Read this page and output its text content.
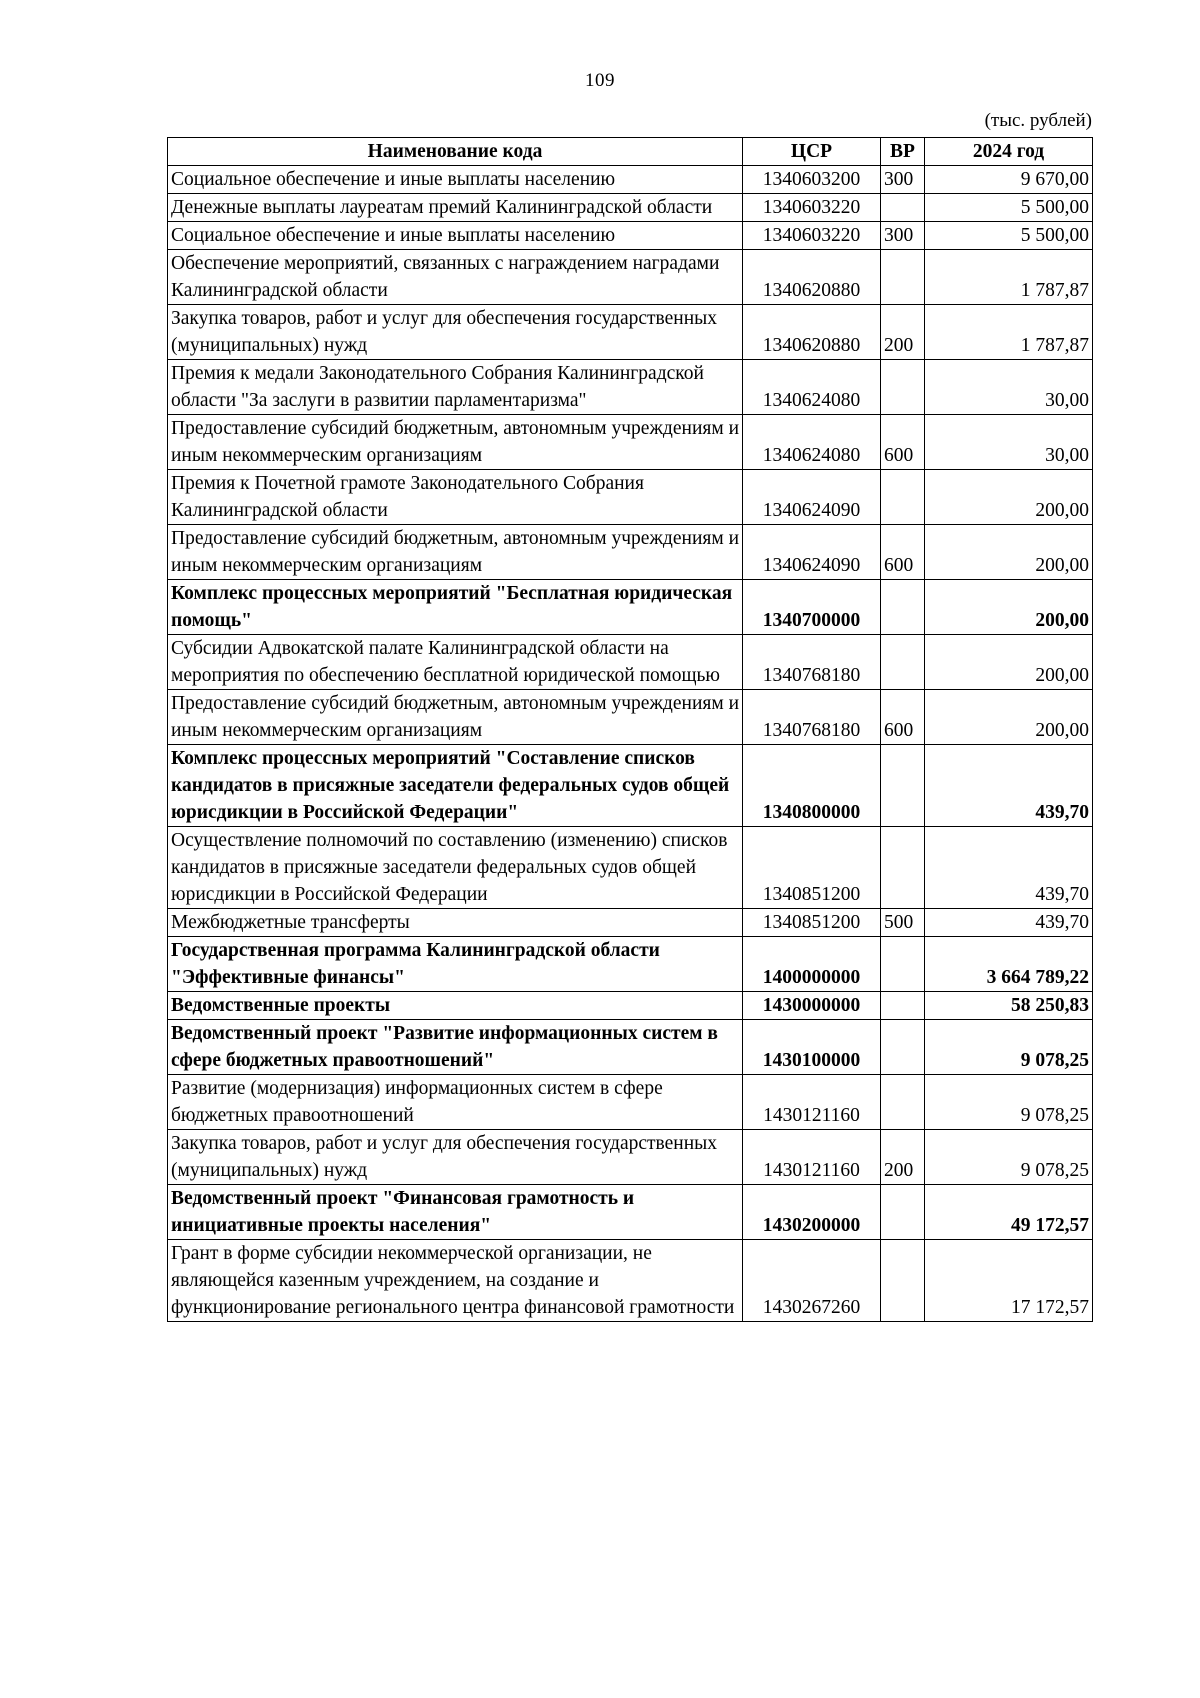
109
(тыс. рублей)
Наименование кода	ЦСР	ВР	2024 год
Социальное обеспечение и иные выплаты населению	1340603200	300	9 670,00
Денежные выплаты лауреатам премий Калининградской области	1340603220		5 500,00
Социальное обеспечение и иные выплаты населению	1340603220	300	5 500,00
Обеспечение мероприятий, связанных с награждением наградами Калининградской области	1340620880		1 787,87
Закупка товаров, работ и услуг для обеспечения государственных (муниципальных) нужд	1340620880	200	1 787,87
Премия к медали Законодательного Собрания Калининградской области "За заслуги в развитии парламентаризма"	1340624080		30,00
Предоставление субсидий бюджетным, автономным учреждениям и иным некоммерческим организациям	1340624080	600	30,00
Премия к Почетной грамоте Законодательного Собрания Калининградской области	1340624090		200,00
Предоставление субсидий бюджетным, автономным учреждениям и иным некоммерческим организациям	1340624090	600	200,00
Комплекс процессных мероприятий "Бесплатная юридическая помощь"	1340700000		200,00
Субсидии Адвокатской палате Калининградской области на мероприятия по обеспечению бесплатной юридической помощью	1340768180		200,00
Предоставление субсидий бюджетным, автономным учреждениям и иным некоммерческим организациям	1340768180	600	200,00
Комплекс процессных мероприятий "Составление списков кандидатов в присяжные заседатели федеральных судов общей юрисдикции в Российской Федерации"	1340800000		439,70
Осуществление полномочий по составлению (изменению) списков кандидатов в присяжные заседатели федеральных судов общей юрисдикции в Российской Федерации	1340851200		439,70
Межбюджетные трансферты	1340851200	500	439,70
Государственная программа Калининградской области "Эффективные финансы"	1400000000		3 664 789,22
Ведомственные проекты	1430000000		58 250,83
Ведомственный проект "Развитие информационных систем в сфере бюджетных правоотношений"	1430100000		9 078,25
Развитие (модернизация) информационных систем в сфере бюджетных правоотношений	1430121160		9 078,25
Закупка товаров, работ и услуг для обеспечения государственных (муниципальных) нужд	1430121160	200	9 078,25
Ведомственный проект "Финансовая грамотность и инициативные проекты населения"	1430200000		49 172,57
Грант в форме субсидии некоммерческой организации, не являющейся казенным учреждением, на создание и функционирование регионального центра финансовой грамотности	1430267260		17 172,57
